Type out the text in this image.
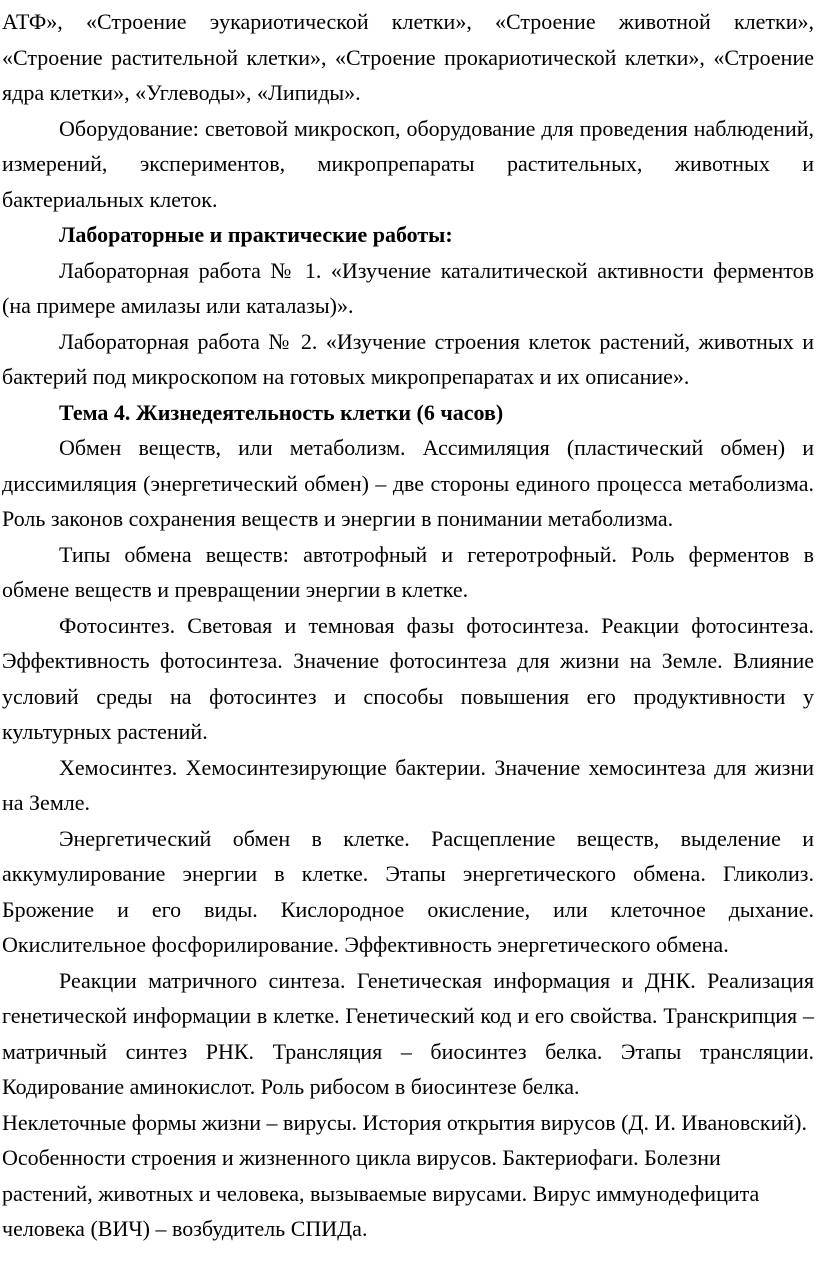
АТФ», «Строение эукариотической клетки», «Строение животной клетки», «Строение растительной клетки», «Строение прокариотической клетки», «Строение ядра клетки», «Углеводы», «Липиды».

Оборудование: световой микроскоп, оборудование для проведения наблюдений, измерений, экспериментов, микропрепараты растительных, животных и бактериальных клеток.

Лабораторные и практические работы:

Лабораторная работа № 1. «Изучение каталитической активности ферментов (на примере амилазы или каталазы)».

Лабораторная работа № 2. «Изучение строения клеток растений, животных и бактерий под микроскопом на готовых микропрепаратах и их описание».

Тема 4. Жизнедеятельность клетки (6 часов)

Обмен веществ, или метаболизм. Ассимиляция (пластический обмен) и диссимиляция (энергетический обмен) – две стороны единого процесса метаболизма. Роль законов сохранения веществ и энергии в понимании метаболизма.

Типы обмена веществ: автотрофный и гетеротрофный. Роль ферментов в обмене веществ и превращении энергии в клетке.

Фотосинтез. Световая и темновая фазы фотосинтеза. Реакции фотосинтеза. Эффективность фотосинтеза. Значение фотосинтеза для жизни на Земле. Влияние условий среды на фотосинтез и способы повышения его продуктивности у культурных растений.

Хемосинтез. Хемосинтезирующие бактерии. Значение хемосинтеза для жизни на Земле.

Энергетический обмен в клетке. Расщепление веществ, выделение и аккумулирование энергии в клетке. Этапы энергетического обмена. Гликолиз. Брожение и его виды. Кислородное окисление, или клеточное дыхание. Окислительное фосфорилирование. Эффективность энергетического обмена.

Реакции матричного синтеза. Генетическая информация и ДНК. Реализация генетической информации в клетке. Генетический код и его свойства. Транскрипция – матричный синтез РНК. Трансляция – биосинтез белка. Этапы трансляции. Кодирование аминокислот. Роль рибосом в биосинтезе белка.

Неклеточные формы жизни – вирусы. История открытия вирусов (Д. И. Ивановский). Особенности строения и жизненного цикла вирусов. Бактериофаги. Болезни растений, животных и человека, вызываемые вирусами. Вирус иммунодефицита человека (ВИЧ) – возбудитель СПИДа.
